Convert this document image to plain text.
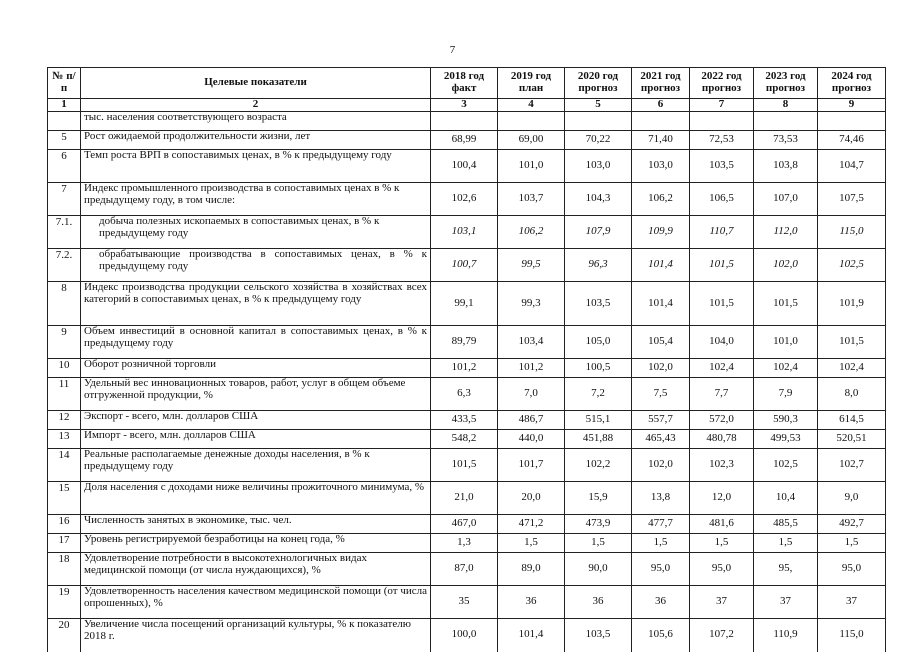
7
№ п/п	Целевые показатели	2018 год факт	2019 год план	2020 год прогноз	2021 год прогноз	2022 год прогноз	2023 год прогноз	2024 год прогноз
1	2	3	4	5	6	7	8	9
	тыс. населения соответствующего возраста							
5	Рост ожидаемой продолжительности жизни, лет	68,99	69,00	70,22	71,40	72,53	73,53	74,46
6	Темп роста ВРП в сопоставимых ценах, в % к предыдущему году	100,4	101,0	103,0	103,0	103,5	103,8	104,7
7	Индекс промышленного производства в сопоставимых ценах в % к предыдущему году, в том числе:	102,6	103,7	104,3	106,2	106,5	107,0	107,5
7.1.	добыча полезных ископаемых в сопоставимых ценах, в % к предыдущему году	103,1	106,2	107,9	109,9	110,7	112,0	115,0
7.2.	обрабатывающие производства в сопоставимых ценах, в % к предыдущему году	100,7	99,5	96,3	101,4	101,5	102,0	102,5
8	Индекс производства продукции сельского хозяйства в хозяйствах всех категорий в сопоставимых ценах, в % к предыдущему году	99,1	99,3	103,5	101,4	101,5	101,5	101,9
9	Объем инвестиций в основной капитал в сопоставимых ценах, в % к предыдущему году	89,79	103,4	105,0	105,4	104,0	101,0	101,5
10	Оборот розничной торговли	101,2	101,2	100,5	102,0	102,4	102,4	102,4
11	Удельный вес инновационных товаров, работ, услуг в общем объеме отгруженной продукции, %	6,3	7,0	7,2	7,5	7,7	7,9	8,0
12	Экспорт - всего, млн. долларов США	433,5	486,7	515,1	557,7	572,0	590,3	614,5
13	Импорт - всего, млн. долларов США	548,2	440,0	451,88	465,43	480,78	499,53	520,51
14	Реальные располагаемые денежные доходы населения, в % к предыдущему году	101,5	101,7	102,2	102,0	102,3	102,5	102,7
15	Доля населения с доходами ниже величины прожиточного минимума, %	21,0	20,0	15,9	13,8	12,0	10,4	9,0
16	Численность занятых в экономике, тыс. чел.	467,0	471,2	473,9	477,7	481,6	485,5	492,7
17	Уровень регистрируемой безработицы на конец года, %	1,3	1,5	1,5	1,5	1,5	1,5	1,5
18	Удовлетворение потребности в высокотехнологичных видах медицинской помощи (от числа нуждающихся), %	87,0	89,0	90,0	95,0	95,0	95,	95,0
19	Удовлетворенность населения качеством медицинской помощи (от числа опрошенных), %	35	36	36	36	37	37	37
20	Увеличение числа посещений организаций культуры, % к показателю 2018 г.	100,0	101,4	103,5	105,6	107,2	110,9	115,0
